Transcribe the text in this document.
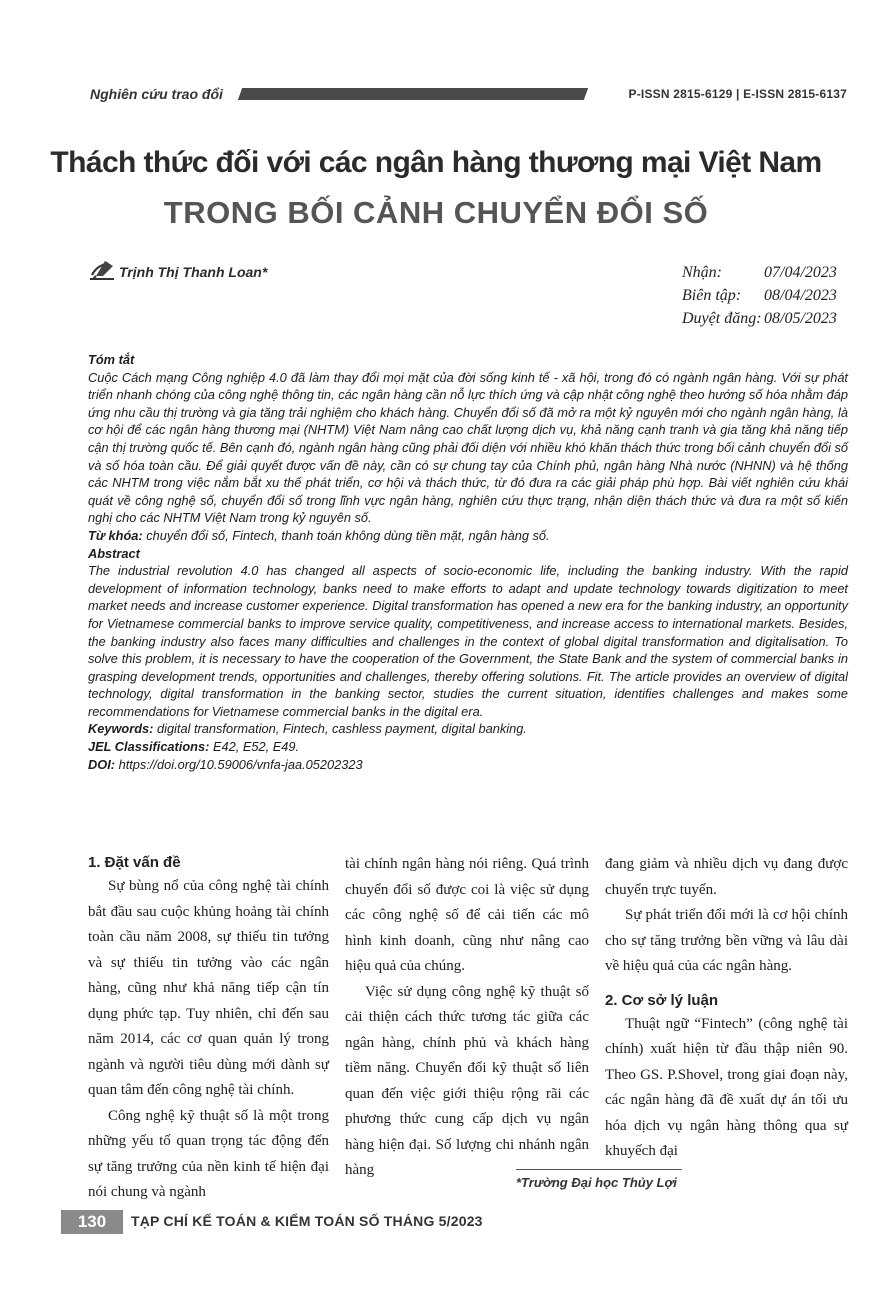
Nghiên cứu trao đổi	P-ISSN 2815-6129 | E-ISSN 2815-6137
Thách thức đối với các ngân hàng thương mại Việt Nam
TRONG BỐI CẢNH CHUYỂN ĐỔI SỐ
Trịnh Thị Thanh Loan*	Nhận:	07/04/2023
Biên tập: 08/04/2023
Duyệt đăng: 08/05/2023

Tóm tắt

Cuộc Cách mạng Công nghiệp 4.0 đã làm thay đổi mọi mặt của đời sống kinh tế - xã hội, trong đó có ngành ngân hàng. Với sự phát triển nhanh chóng của công nghệ thông tin, các ngân hàng cần nỗ lực thích ứng và cập nhật công nghệ theo hướng số hóa nhằm đáp ứng nhu cầu thị trường và gia tăng trải nghiệm cho khách hàng. Chuyển đổi số đã mở ra một kỷ nguyên mới cho ngành ngân hàng, là cơ hội để các ngân hàng thương mại (NHTM) Việt Nam nâng cao chất lượng dịch vụ, khả năng cạnh tranh và gia tăng khả năng tiếp cận thị trường quốc tế. Bên cạnh đó, ngành ngân hàng cũng phải đối diện với nhiều khó khăn thách thức trong bối cảnh chuyển đổi số và số hóa toàn cầu. Để giải quyết được vấn đề này, cần có sự chung tay của Chính phủ, ngân hàng Nhà nước (NHNN) và hệ thống các NHTM trong việc nắm bắt xu thế phát triển, cơ hội và thách thức, từ đó đưa ra các giải pháp phù hợp. Bài viết nghiên cứu khái quát về công nghệ số, chuyển đổi số trong lĩnh vực ngân hàng, nghiên cứu thực trạng, nhận diện thách thức và đưa ra một số kiến nghị cho các NHTM Việt Nam trong kỷ nguyên số.

Từ khóa: chuyển đổi số, Fintech, thanh toán không dùng tiền mặt, ngân hàng số.

Abstract

The industrial revolution 4.0 has changed all aspects of socio-economic life, including the banking industry. With the rapid development of information technology, banks need to make efforts to adapt and update technology towards digitization to meet market needs and increase customer experience. Digital transformation has opened a new era for the banking industry, an opportunity for Vietnamese commercial banks to improve service quality, competitiveness, and increase access to international markets. Besides, the banking industry also faces many difficulties and challenges in the context of global digital transformation and digitalisation. To solve this problem, it is necessary to have the cooperation of the Government, the State Bank and the system of commercial banks in grasping development trends, opportunities and challenges, thereby offering solutions. Fit. The article provides an overview of digital technology, digital transformation in the banking sector, studies the current situation, identifies challenges and makes some recommendations for Vietnamese commercial banks in the digital era.

Keywords: digital transformation, Fintech, cashless payment, digital banking.

JEL Classifications: E42, E52, E49.

DOI: https://doi.org/10.59006/vnfa-jaa.05202323

1. Đặt vấn đề

Sự bùng nổ của công nghệ tài chính bắt đầu sau cuộc khủng hoảng tài chính toàn cầu năm 2008, sự thiếu tin tưởng và sự thiếu tin tưởng vào các ngân hàng, cũng như khả năng tiếp cận tín dụng phức tạp. Tuy nhiên, chỉ đến sau năm 2014, các cơ quan quản lý trong ngành và người tiêu dùng mới dành sự quan tâm đến công nghệ tài chính.

Công nghệ kỹ thuật số là một trong những yếu tố quan trọng tác động đến sự tăng trưởng của nền kinh tế hiện đại nói chung và ngành

tài chính ngân hàng nói riêng. Quá trình chuyển đổi số được coi là việc sử dụng các công nghệ số để cải tiến các mô hình kinh doanh, cũng như nâng cao hiệu quả của chúng.

Việc sử dụng công nghệ kỹ thuật số cải thiện cách thức tương tác giữa các ngân hàng, chính phủ và khách hàng tiềm năng. Chuyển đổi kỹ thuật số liên quan đến việc giới thiệu rộng rãi các phương thức cung cấp dịch vụ ngân hàng hiện đại. Số lượng chi nhánh ngân hàng

đang giảm và nhiều dịch vụ đang được chuyển trực tuyến.

Sự phát triển đổi mới là cơ hội chính cho sự tăng trưởng bền vững và lâu dài về hiệu quả của các ngân hàng.

2. Cơ sở lý luận

Thuật ngữ “Fintech” (công nghệ tài chính) xuất hiện từ đầu thập niên 90. Theo GS. P.Shovel, trong giai đoạn này, các ngân hàng đã đề xuất dự án tối ưu hóa dịch vụ ngân hàng thông qua sự khuyếch đại

*Trường Đại học Thủy Lợi
130	TẠP CHÍ KẾ TOÁN & KIỂM TOÁN SỐ THÁNG 5/2023
